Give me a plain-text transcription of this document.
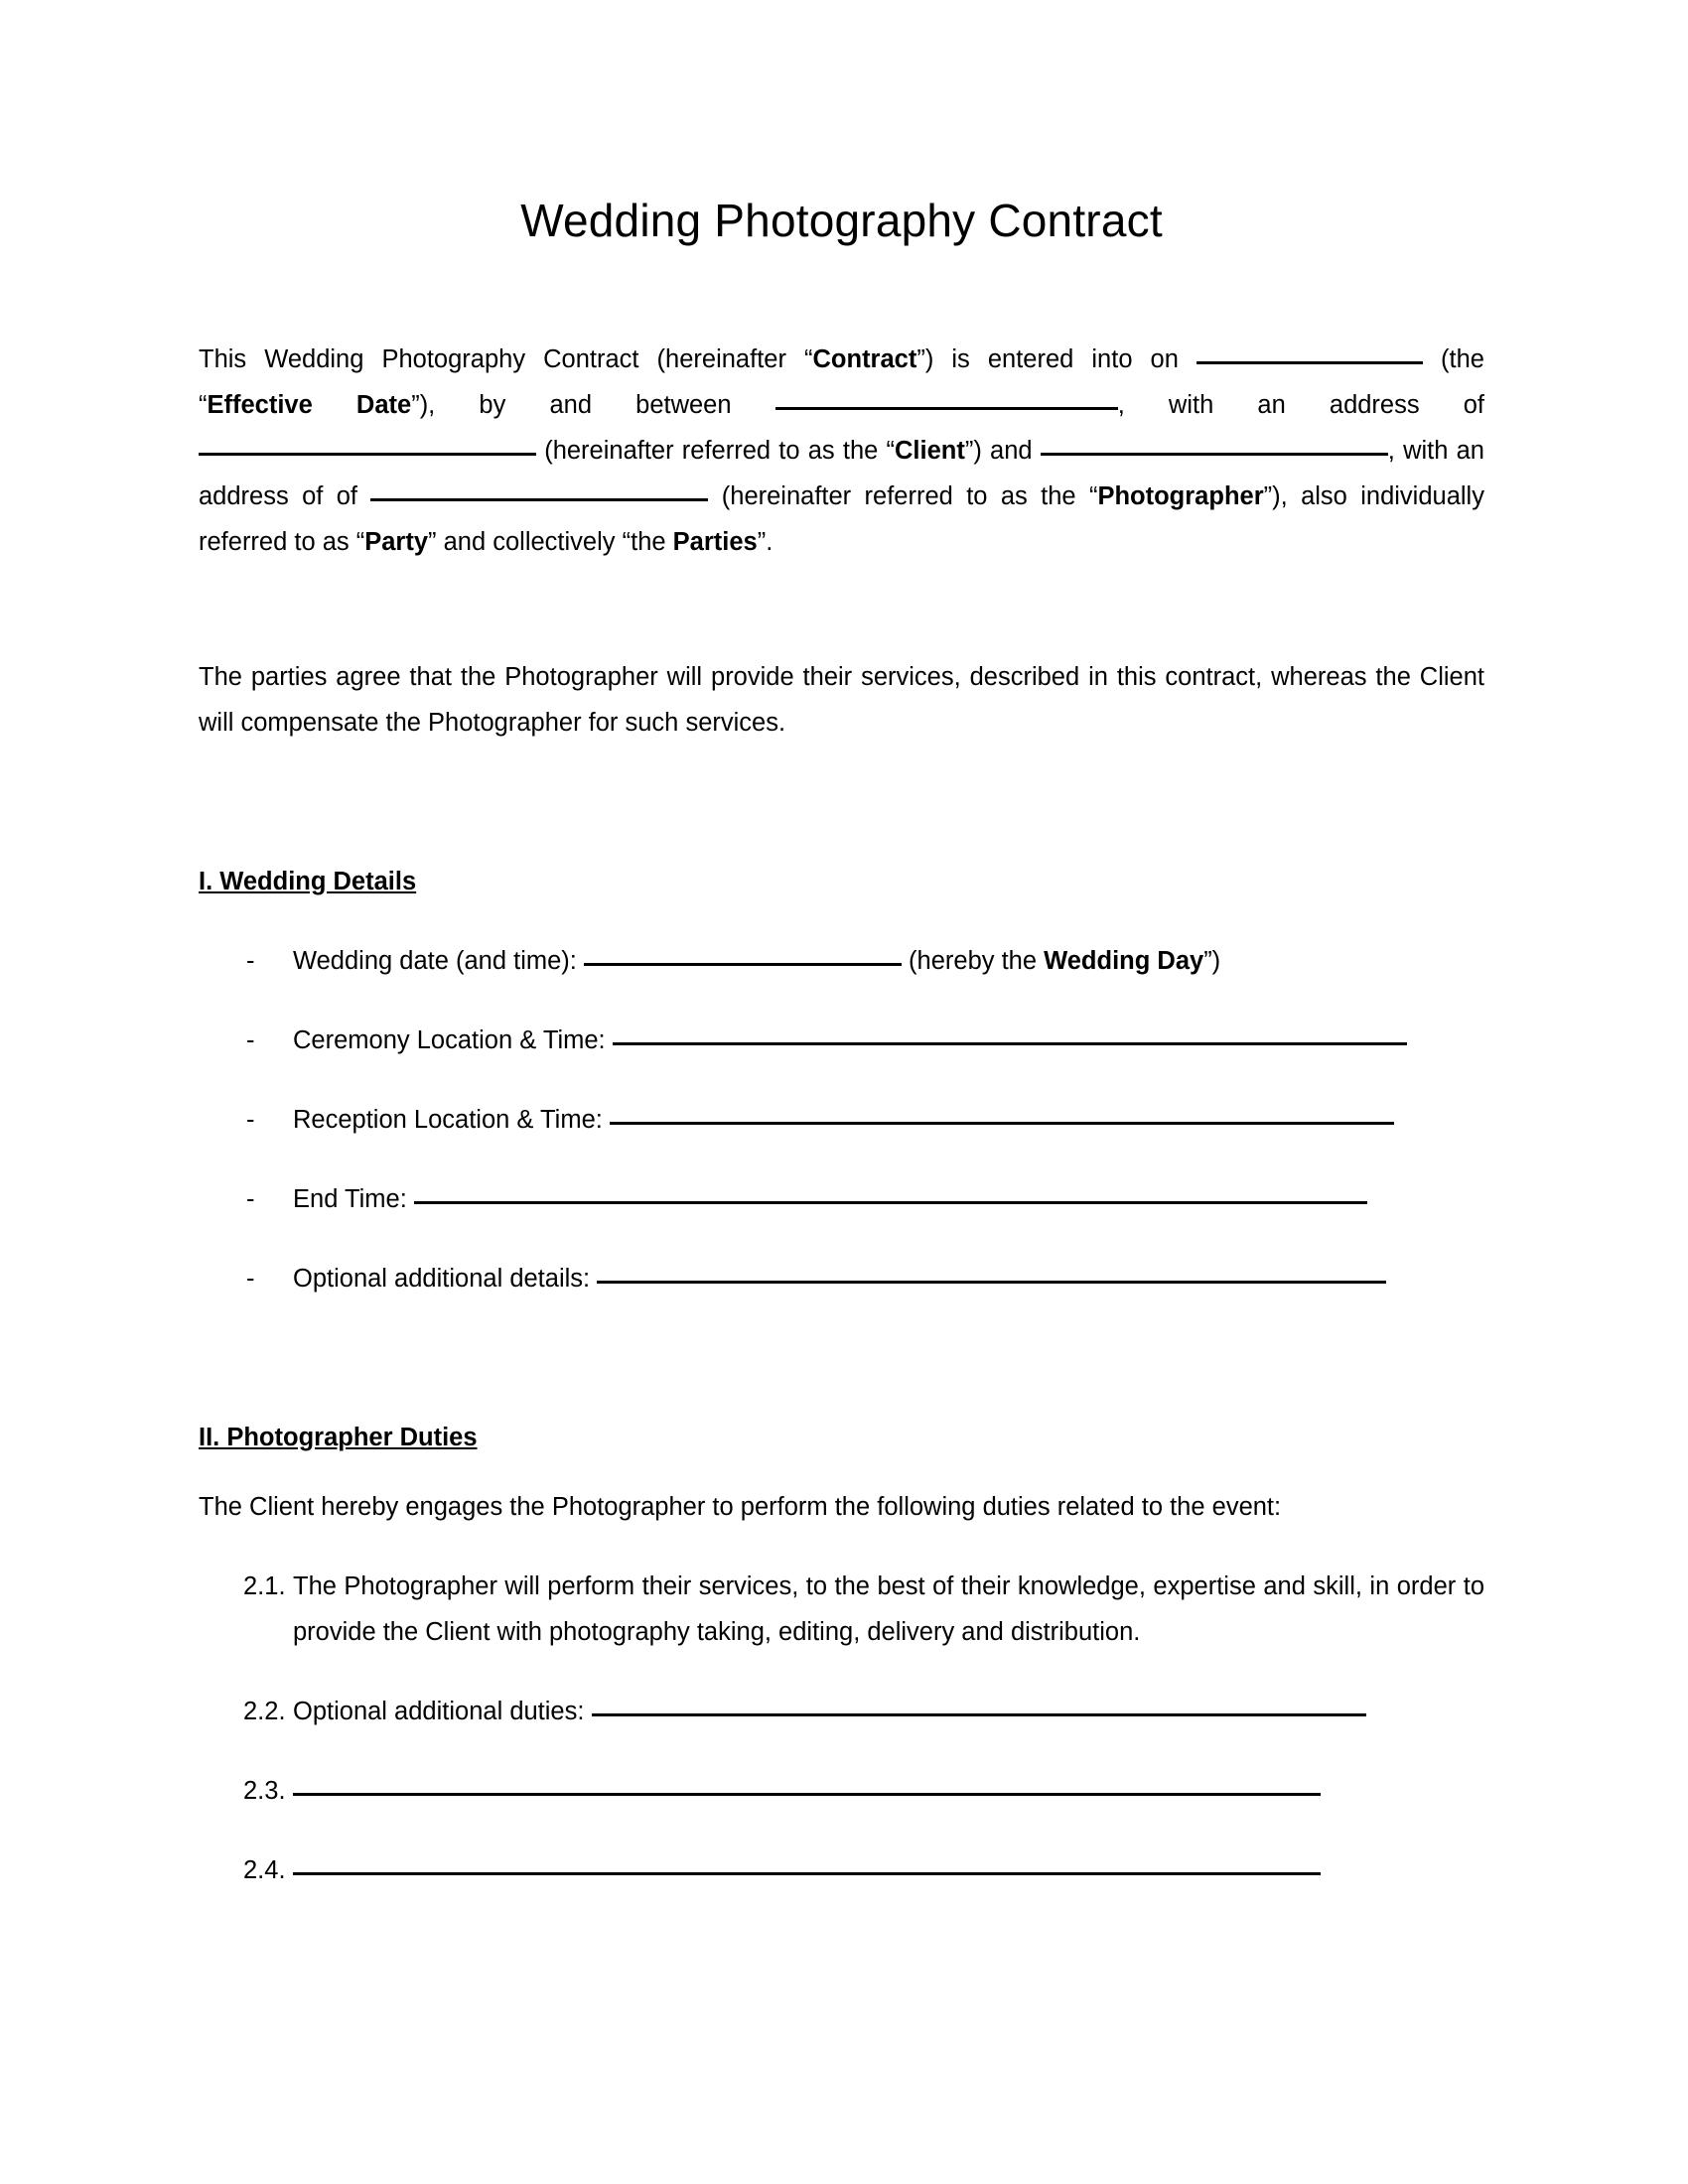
Wedding Photography Contract

This Wedding Photography Contract (hereinafter “Contract”) is entered into on	(the “Effective Date”), by and between	, with an address of  (hereinafter referred to as the “Client”) and	, with an address of of	(hereinafter referred to as the “Photographer”), also individually referred to as “Party” and collectively “the Parties”.

The parties agree that the Photographer will provide their services, described in this contract, whereas the Client will compensate the Photographer for such services.

I. Wedding Details
- Wedding date (and time):	(hereby the Wedding Day”)
- Ceremony Location & Time:
- Reception Location & Time:
- End Time:
- Optional additional details:
II. Photographer Duties

The Client hereby engages the Photographer to perform the following duties related to the event:

2.1. The Photographer will perform their services, to the best of their knowledge, expertise and skill, in order to provide the Client with photography taking, editing, delivery and distribution.
2.2. Optional additional duties:
2.3.
2.4.
